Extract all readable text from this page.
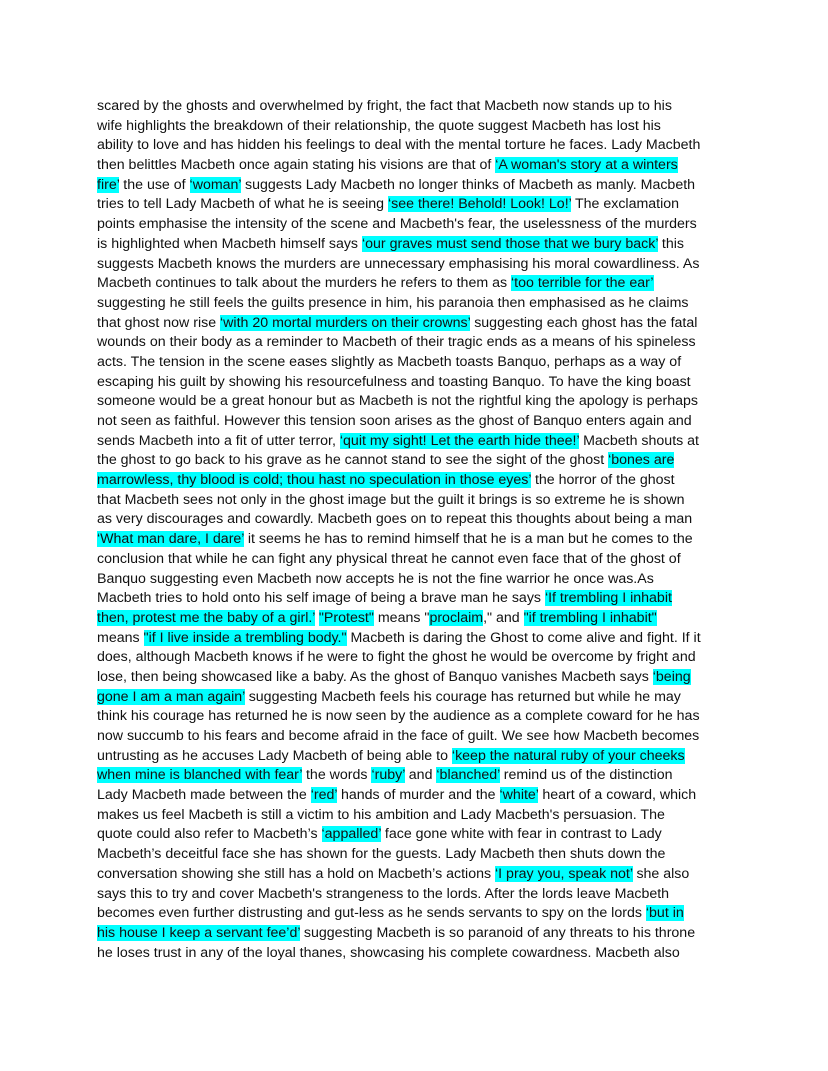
scared by the ghosts and overwhelmed by fright, the fact that Macbeth now stands up to his
wife highlights the breakdown of their relationship, the quote suggest Macbeth has lost his
ability to love and has hidden his feelings to deal with the mental torture he faces. Lady Macbeth
then belittles Macbeth once again stating his visions are that of ‘A woman's story at a winters
fire’ the use of ‘woman’ suggests Lady Macbeth no longer thinks of Macbeth as manly. Macbeth
tries to tell Lady Macbeth of what he is seeing ‘see there! Behold! Look! Lo!’ The exclamation
points emphasise the intensity of the scene and Macbeth's fear, the uselessness of the murders
is highlighted when Macbeth himself says ‘our graves must send those that we bury back’ this
suggests Macbeth knows the murders are unnecessary emphasising his moral cowardliness. As
Macbeth continues to talk about the murders he refers to them as ‘too terrible for the ear’
suggesting he still feels the guilts presence in him, his paranoia then emphasised as he claims
that ghost now rise ‘with 20 mortal murders on their crowns’ suggesting each ghost has the fatal
wounds on their body as a reminder to Macbeth of their tragic ends as a means of his spineless
acts. The tension in the scene eases slightly as Macbeth toasts Banquo, perhaps as a way of
escaping his guilt by showing his resourcefulness and toasting Banquo. To have the king boast
someone would be a great honour but as Macbeth is not the rightful king the apology is perhaps
not seen as faithful. However this tension soon arises as the ghost of Banquo enters again and
sends Macbeth into a fit of utter terror, ‘quit my sight! Let the earth hide thee!’ Macbeth shouts at
the ghost to go back to his grave as he cannot stand to see the sight of the ghost ‘bones are
marrowless, thy blood is cold; thou hast no speculation in those eyes’ the horror of the ghost
that Macbeth sees not only in the ghost image but the guilt it brings is so extreme he is shown
as very discourages and cowardly. Macbeth goes on to repeat this thoughts about being a man
‘What man dare, I dare’ it seems he has to remind himself that he is a man but he comes to the
conclusion that while he can fight any physical threat he cannot even face that of the ghost of
Banquo suggesting even Macbeth now accepts he is not the fine warrior he once was.As
Macbeth tries to hold onto his self image of being a brave man he says ‘If trembling I inhabit
then, protest me the baby of a girl.’ "Protest" means "proclaim," and "if trembling I inhabit"
means "if I live inside a trembling body." Macbeth is daring the Ghost to come alive and fight. If it
does, although Macbeth knows if he were to fight the ghost he would be overcome by fright and
lose, then being showcased like a baby. As the ghost of Banquo vanishes Macbeth says ‘being
gone I am a man again’ suggesting Macbeth feels his courage has returned but while he may
think his courage has returned he is now seen by the audience as a complete coward for he has
now succumb to his fears and become afraid in the face of guilt. We see how Macbeth becomes
untrusting as he accuses Lady Macbeth of being able to ‘keep the natural ruby of your cheeks
when mine is blanched with fear’ the words ‘ruby’ and ‘blanched’ remind us of the distinction
Lady Macbeth made between the ‘red’ hands of murder and the ‘white’ heart of a coward, which
makes us feel Macbeth is still a victim to his ambition and Lady Macbeth's persuasion. The
quote could also refer to Macbeth’s ‘appalled’ face gone white with fear in contrast to Lady
Macbeth’s deceitful face she has shown for the guests. Lady Macbeth then shuts down the
conversation showing she still has a hold on Macbeth’s actions ‘I pray you, speak not’ she also
says this to try and cover Macbeth's strangeness to the lords. After the lords leave Macbeth
becomes even further distrusting and gut-less as he sends servants to spy on the lords ‘but in
his house I keep a servant fee’d’ suggesting Macbeth is so paranoid of any threats to his throne
he loses trust in any of the loyal thanes, showcasing his complete cowardness. Macbeth also
